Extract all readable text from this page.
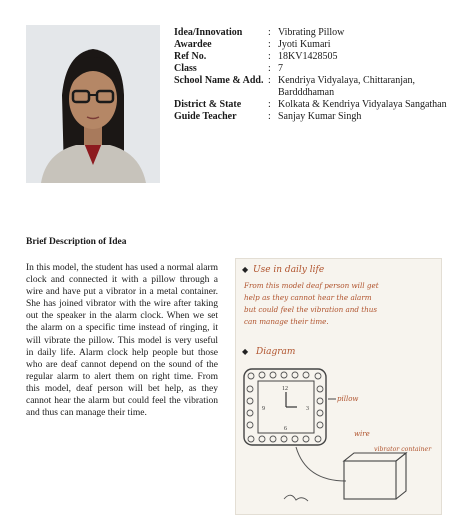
Idea/Innovation	: Vibrating Pillow
Awardee	: Jyoti Kumari
Ref No.	: 18KV1428505
Class	: 7
School Name & Add. : Kendriya Vidyalaya, Chittaranjan, Bardddhaman
District & State	: Kolkata & Kendriya Vidyalaya Sangathan
Guide Teacher	: Sanjay Kumar Singh
Brief Description of Idea

In this model, the student has used a normal alarm clock and connected it with a pillow through a wire and have put a vibrator in a metal container. She has joined vibrator with the wire after taking out the speaker in the alarm clock. When we set the alarm on a specific time instead of ringing, it will vibrate the pillow. This model is very useful in daily life. Alarm clock help people but those who are deaf cannot depend on the sound of the regular alarm to alert them on right time. From this model, deaf person will bet help, as they cannot hear the alarm but could feel the vibration and thus can manage their time.

◆ Use in daily life
From this model deaf person will get
help as they cannot hear the alarm
but could feel the vibration and thus
can manage their time.
◆ Diagram
12
3
6
9
pillow
wire
vibrator container
